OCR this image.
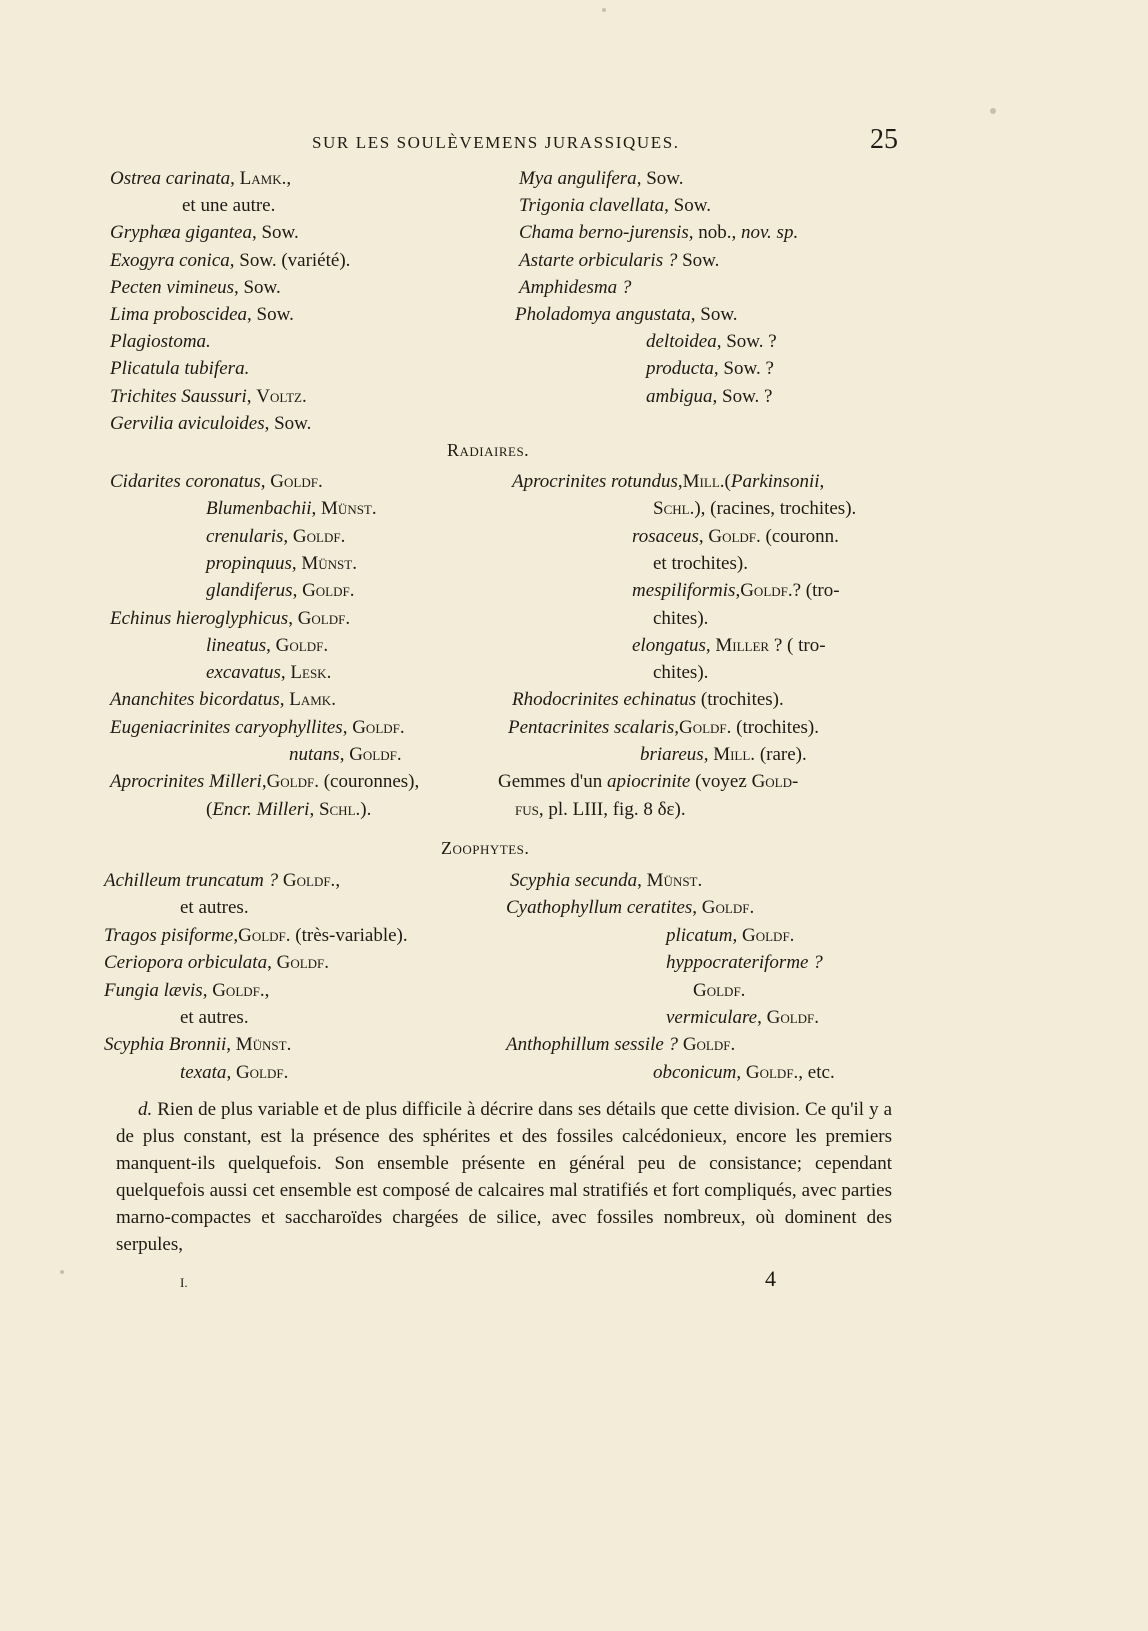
SUR LES SOULÈVEMENS JURASSIQUES.	25
Ostrea carinata, Lamk.,
et une autre.
Gryphæa gigantea, Sow.
Exogyra conica, Sow. (variété).
Pecten vimineus, Sow.
Lima proboscidea, Sow.
Plagiostoma.
Plicatula tubifera.
Trichites Saussuri, Voltz.
Gervilia aviculoides, Sow.
Mya angulifera, Sow.
Trigonia clavellata, Sow.
Chama berno-jurensis, nob., nov. sp.
Astarte orbicularis ? Sow.
Amphidesma ?
Pholadomya angustata, Sow.
deltoidea, Sow. ?
producta, Sow. ?
ambigua, Sow. ?
Radiaires.
Cidarites coronatus, Goldf.
Blumenbachii, Münst.
crenularis, Goldf.
propinquus, Münst.
glandiferus, Goldf.
Echinus hieroglyphicus, Goldf.
lineatus, Goldf.
excavatus, Lesk.
Ananchites bicordatus, Lamk.
Eugeniacrinites caryophyllites, Goldf.
nutans, Goldf.
Aprocrinites Milleri,Goldf. (couronnes),
(Encr. Milleri, Schl.).
Aprocrinites rotundus,Mill.(Parkinsonii,
Schl.), (racines, trochites).
rosaceus, Goldf. (couronn.
et trochites).
mespiliformis,Goldf.? (tro-
chites).
elongatus, Miller ? ( tro-
chites).
Rhodocrinites echinatus (trochites).
Pentacrinites scalaris,Goldf. (trochites).
briareus, Mill. (rare).
Gemmes d'un apiocrinite (voyez Gold-
fus, pl. LIII, fig. 8 δε).
Zoophytes.
Achilleum truncatum ? Goldf.,
et autres.
Tragos pisiforme,Goldf. (très-variable).
Ceriopora orbiculata, Goldf.
Fungia lævis, Goldf.,
et autres.
Scyphia Bronnii, Münst.
texata, Goldf.
Scyphia secunda, Münst.
Cyathophyllum ceratites, Goldf.
plicatum, Goldf.
hyppocrateriforme ?
Goldf.
vermiculare, Goldf.
Anthophillum sessile ? Goldf.
obconicum, Goldf., etc.

d. Rien de plus variable et de plus difficile à décrire dans ses détails que cette division. Ce qu'il y a de plus constant, est la présence des sphérites et des fossiles calcédonieux, encore les premiers manquent-ils quelquefois. Son ensemble présente en général peu de consistance; cependant quelquefois aussi cet ensemble est composé de calcaires mal stratifiés et fort compliqués, avec parties marno-compactes et saccharoïdes chargées de silice, avec fossiles nombreux, où dominent des serpules,

I.	4
